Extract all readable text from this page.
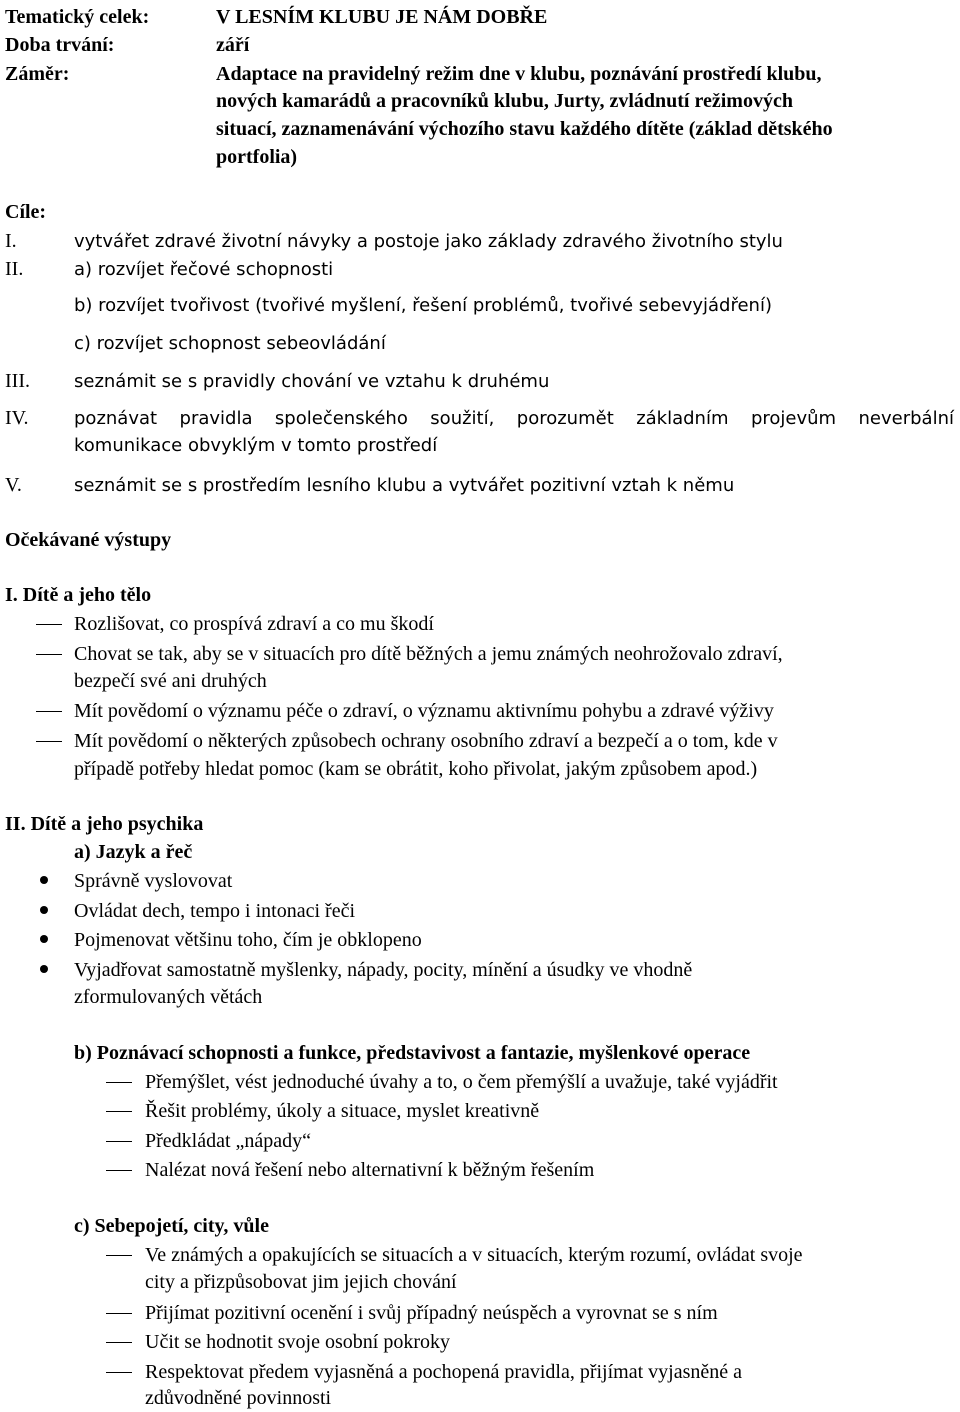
Tematický celek:	V LESNÍM KLUBU JE NÁM DOBŘE
Doba trvání:	září
Záměr:	Adaptace na pravidelný režim dne v klubu, poznávání prostředí klubu,
nových kamarádů a pracovníků klubu, Jurty, zvládnutí režimových
situací, zaznamenávání výchozího stavu každého dítěte (základ dětského
portfolia)
Cíle:
I.	vytvářet zdravé životní návyky a postoje jako základy zdravého životního stylu
II.	a) rozvíjet řečové schopnosti
b) rozvíjet tvořivost (tvořivé myšlení, řešení problémů, tvořivé sebevyjádření)
c) rozvíjet schopnost sebeovládání
III. seznámit se s pravidly chování ve vztahu k druhému
IV.	poznávat pravidla společenského soužití, porozumět základním projevům neverbální
komunikace obvyklým v tomto prostředí
V.	seznámit se s prostředím lesního klubu a vytvářet pozitivní vztah k němu
Očekávané výstupy
I. Dítě a jeho tělo
Rozlišovat, co prospívá zdraví a co mu škodí
Chovat se tak, aby se v situacích pro dítě běžných a jemu známých neohrožovalo zdraví,
bezpečí své ani druhých
Mít povědomí o významu péče o zdraví, o významu aktivnímu pohybu a zdravé výživy
Mít povědomí o některých způsobech ochrany osobního zdraví a bezpečí a o tom, kde v
případě potřeby hledat pomoc (kam se obrátit, koho přivolat, jakým způsobem apod.)
II. Dítě a jeho psychika
a) Jazyk a řeč
Správně vyslovovat
Ovládat dech, tempo i intonaci řeči
Pojmenovat většinu toho, čím je obklopeno
Vyjadřovat samostatně myšlenky, nápady, pocity, mínění a úsudky ve vhodně
zformulovaných větách
b) Poznávací schopnosti a funkce, představivost a fantazie, myšlenkové operace
Přemýšlet, vést jednoduché úvahy a to, o čem přemýšlí a uvažuje, také vyjádřit
Řešit problémy, úkoly a situace, myslet kreativně
Předkládat „nápady“
Nalézat nová řešení nebo alternativní k běžným řešením
c) Sebepojetí, city, vůle
Ve známých a opakujících se situacích a v situacích, kterým rozumí, ovládat svoje
city a přizpůsobovat jim jejich chování
Přijímat pozitivní ocenění i svůj případný neúspěch a vyrovnat se s ním
Učit se hodnotit svoje osobní pokroky
Respektovat předem vyjasněná a pochopená pravidla, přijímat vyjasněné a
zdůvodněné povinnosti
